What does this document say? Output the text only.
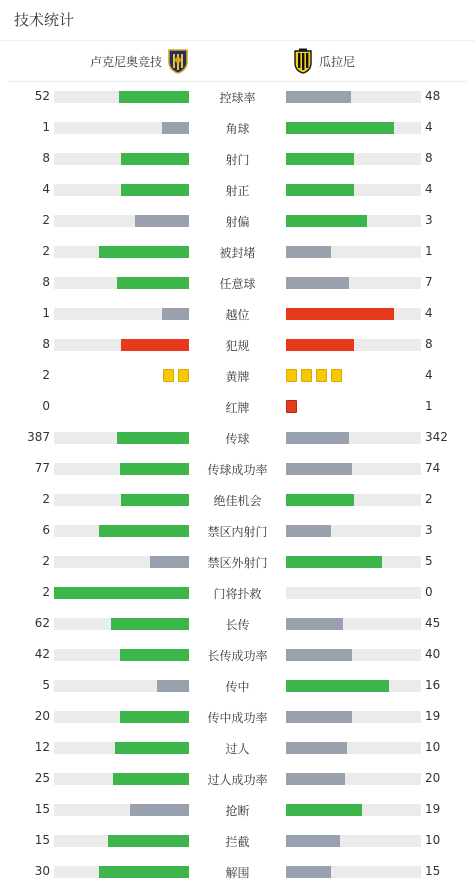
技术统计
卢克尼奥竞技	瓜拉尼
52	控球率	48
1	角球	4
8	射门	8
4	射正	4
2	射偏	3
2	被封堵	1
8	任意球	7
1	越位	4
8	犯规	8
2	黄牌	4
0	红牌	1
387	传球	342
77	传球成功率	74
2	绝佳机会	2
6	禁区内射门	3
2	禁区外射门	5
2	门将扑救	0
62	长传	45
42	长传成功率	40
5	传中	16
20	传中成功率	19
12	过人	10
25	过人成功率	20
15	抢断	19
15	拦截	10
30	解围	15
